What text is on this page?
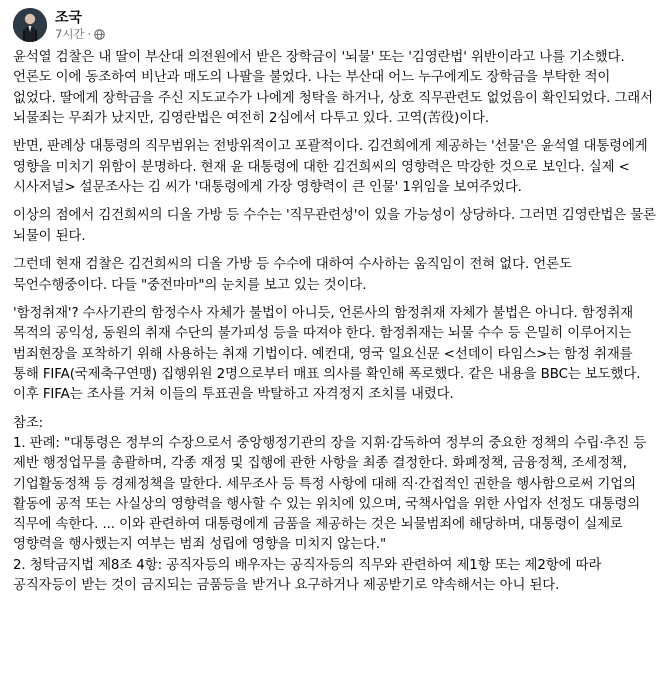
조국
7시간 ·

윤석열 검찰은 내 딸이 부산대 의전원에서 받은 장학금이 '뇌물' 또는 '김영란법' 위반이라고 나를 기소했다. 언론도 이에 동조하여 비난과 매도의 나팔을 불었다. 나는 부산대 어느 누구에게도 장학금을 부탁한 적이 없었다. 딸에게 장학금을 주신 지도교수가 나에게 청탁을 하거나, 상호 직무관련도 없었음이 확인되었다. 그래서 뇌물죄는 무죄가 났지만, 김영란법은 여전히 2심에서 다투고 있다. 고역(苦役)이다.

반면, 판례상 대통령의 직무범위는 전방위적이고 포괄적이다. 김건희에게 제공하는 '선물'은 윤석열 대통령에게 영향을 미치기 위함이 분명하다. 현재 윤 대통령에 대한 김건희씨의 영향력은 막강한 것으로 보인다. 실제 <시사저널> 설문조사는 김 씨가 '대통령에게 가장 영향력이 큰 인물' 1위임을 보여주었다.

이상의 점에서 김건희씨의 디올 가방 등 수수는 '직무관련성'이 있을 가능성이 상당하다. 그러면 김영란법은 물론 뇌물이 된다.

그런데 현재 검찰은 김건희씨의 디올 가방 등 수수에 대하여 수사하는 움직임이 전혀 없다. 언론도 묵언수행중이다. 다들 "중전마마"의 눈치를 보고 있는 것이다.

'함정취재'? 수사기관의 함정수사 자체가 불법이 아니듯, 언론사의 함정취재 자체가 불법은 아니다. 함정취재 목적의 공익성, 동원의 취재 수단의 불가피성 등을 따져야 한다. 함정취재는 뇌물 수수 등 은밀히 이루어지는 범죄현장을 포착하기 위해 사용하는 취재 기법이다. 예컨대, 영국 일요신문 <선데이 타임스>는 함정 취재를 통해 FIFA(국제축구연맹) 집행위원 2명으로부터 매표 의사를 확인해 폭로했다. 같은 내용을 BBC는 보도했다. 이후 FIFA는 조사를 거쳐 이들의 투표권을 박탈하고 자격정지 조치를 내렸다.

참조:
1. 판례: "대통령은 정부의 수장으로서 중앙행정기관의 장을 지휘·감독하여 정부의 중요한 정책의 수립·추진 등 제반 행정업무를 총괄하며, 각종 재정 및 집행에 관한 사항을 최종 결정한다. 화폐정책, 금융정책, 조세정책, 기업활동정책 등 경제정책을 말한다. 세무조사 등 특정 사항에 대해 직·간접적인 권한을 행사함으로써 기업의 활동에 공적 또는 사실상의 영향력을 행사할 수 있는 위치에 있으며, 국책사업을 위한 사업자 선정도 대통령의 직무에 속한다. ... 이와 관련하여 대통령에게 금품을 제공하는 것은 뇌물범죄에 해당하며, 대통령이 실제로 영향력을 행사했는지 여부는 범죄 성립에 영향을 미치지 않는다."
2. 청탁금지법 제8조 4항: 공직자등의 배우자는 공직자등의 직무와 관련하여 제1항 또는 제2항에 따라 공직자등이 받는 것이 금지되는 금품등을 받거나 요구하거나 제공받기로 약속해서는 아니 된다.
